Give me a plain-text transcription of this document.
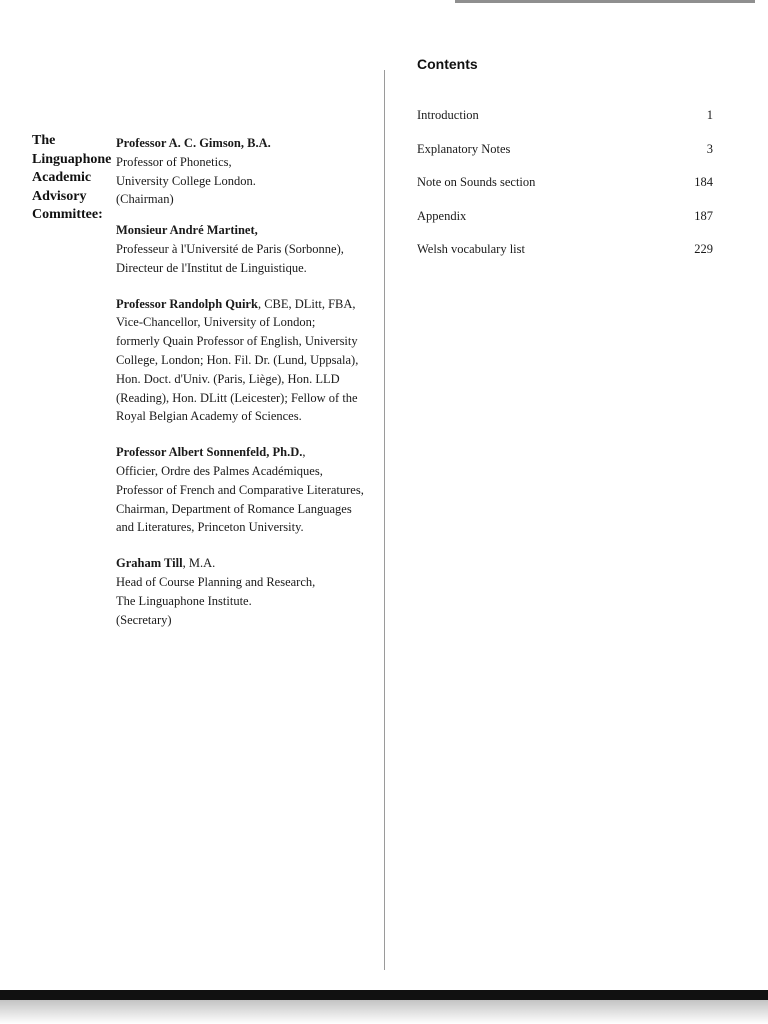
The
Linguaphone
Academic
Advisory
Committee:
Professor A. C. Gimson, B.A.
Professor of Phonetics,
University College London.
(Chairman)
Monsieur André Martinet,
Professeur à l'Université de Paris (Sorbonne),
Directeur de l'Institut de Linguistique.
Professor Randolph Quirk, CBE, DLitt, FBA,
Vice-Chancellor, University of London;
formerly Quain Professor of English, University
College, London; Hon. Fil. Dr. (Lund, Uppsala),
Hon. Doct. d'Univ. (Paris, Liège), Hon. LLD
(Reading), Hon. DLitt (Leicester); Fellow of the
Royal Belgian Academy of Sciences.
Professor Albert Sonnenfeld, Ph.D.,
Officier, Ordre des Palmes Académiques,
Professor of French and Comparative Literatures,
Chairman, Department of Romance Languages
and Literatures, Princeton University.
Graham Till, M.A.
Head of Course Planning and Research,
The Linguaphone Institute.
(Secretary)
Contents
Introduction	1
Explanatory Notes	3
Note on Sounds section	184
Appendix	187
Welsh vocabulary list	229
